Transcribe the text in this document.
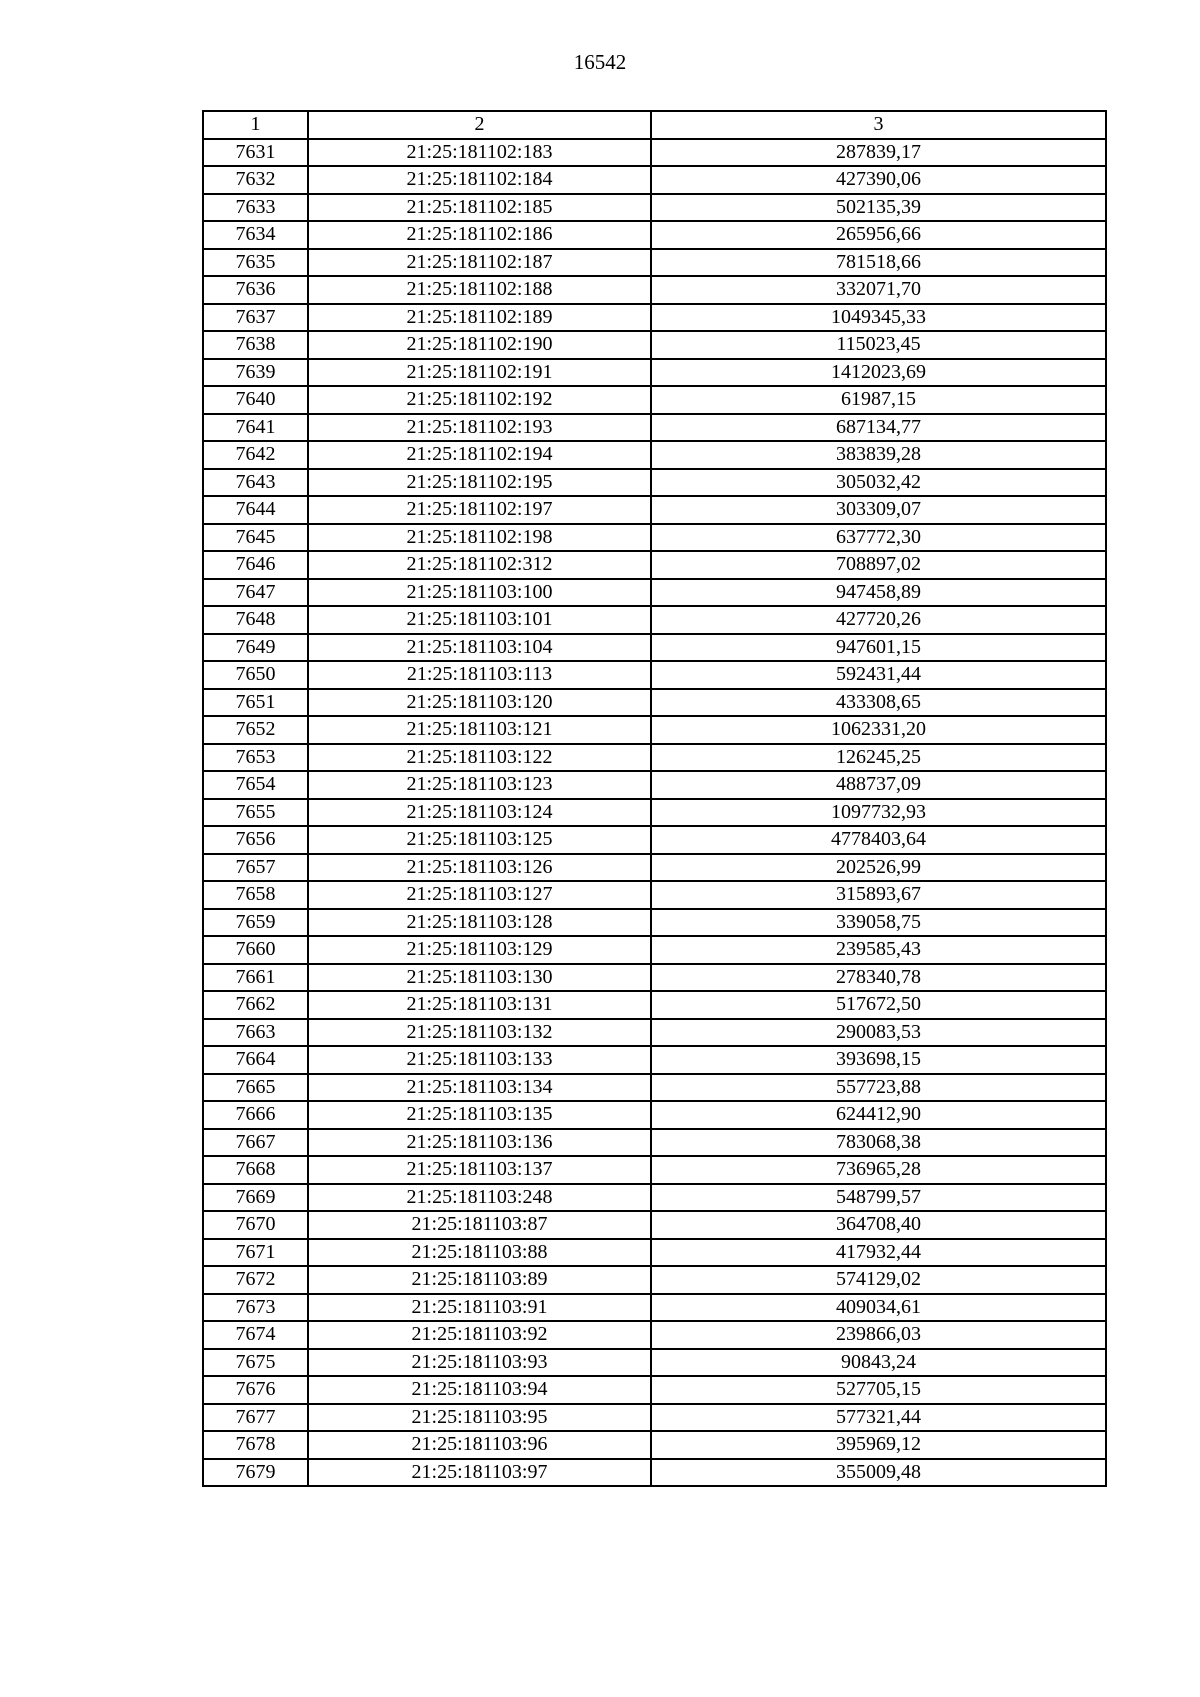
16542
1	2	3
7631	21:25:181102:183	287839,17
7632	21:25:181102:184	427390,06
7633	21:25:181102:185	502135,39
7634	21:25:181102:186	265956,66
7635	21:25:181102:187	781518,66
7636	21:25:181102:188	332071,70
7637	21:25:181102:189	1049345,33
7638	21:25:181102:190	115023,45
7639	21:25:181102:191	1412023,69
7640	21:25:181102:192	61987,15
7641	21:25:181102:193	687134,77
7642	21:25:181102:194	383839,28
7643	21:25:181102:195	305032,42
7644	21:25:181102:197	303309,07
7645	21:25:181102:198	637772,30
7646	21:25:181102:312	708897,02
7647	21:25:181103:100	947458,89
7648	21:25:181103:101	427720,26
7649	21:25:181103:104	947601,15
7650	21:25:181103:113	592431,44
7651	21:25:181103:120	433308,65
7652	21:25:181103:121	1062331,20
7653	21:25:181103:122	126245,25
7654	21:25:181103:123	488737,09
7655	21:25:181103:124	1097732,93
7656	21:25:181103:125	4778403,64
7657	21:25:181103:126	202526,99
7658	21:25:181103:127	315893,67
7659	21:25:181103:128	339058,75
7660	21:25:181103:129	239585,43
7661	21:25:181103:130	278340,78
7662	21:25:181103:131	517672,50
7663	21:25:181103:132	290083,53
7664	21:25:181103:133	393698,15
7665	21:25:181103:134	557723,88
7666	21:25:181103:135	624412,90
7667	21:25:181103:136	783068,38
7668	21:25:181103:137	736965,28
7669	21:25:181103:248	548799,57
7670	21:25:181103:87	364708,40
7671	21:25:181103:88	417932,44
7672	21:25:181103:89	574129,02
7673	21:25:181103:91	409034,61
7674	21:25:181103:92	239866,03
7675	21:25:181103:93	90843,24
7676	21:25:181103:94	527705,15
7677	21:25:181103:95	577321,44
7678	21:25:181103:96	395969,12
7679	21:25:181103:97	355009,48
